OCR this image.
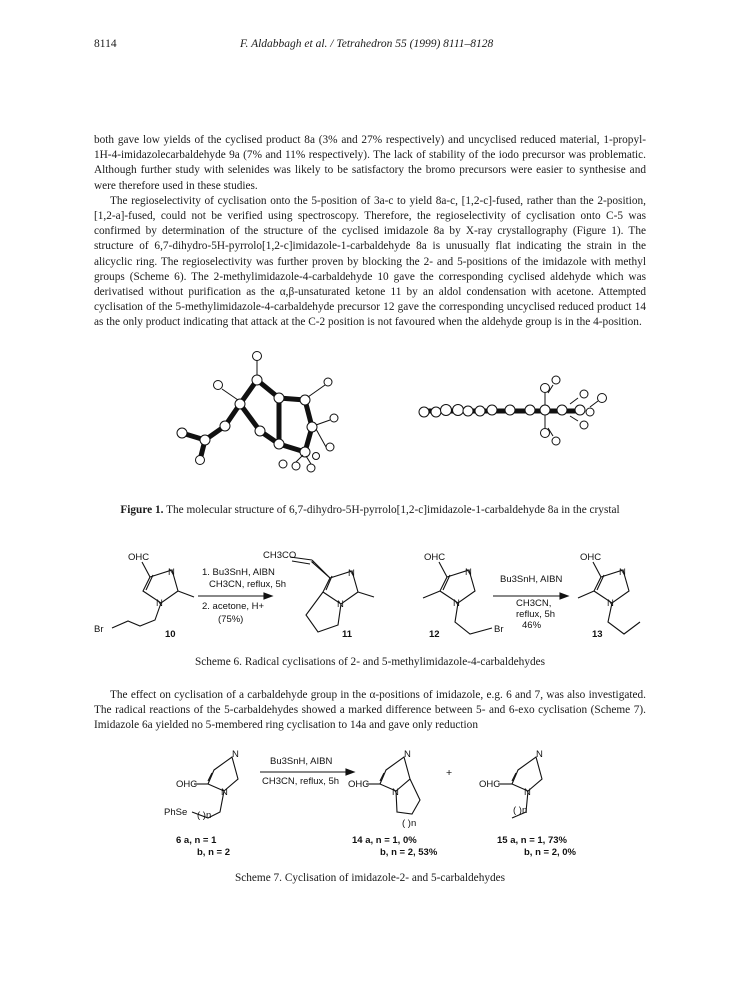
8114	F. Aldabbagh et al. / Tetrahedron 55 (1999) 8111–8128

both gave low yields of the cyclised product 8a (3% and 27% respectively) and uncyclised reduced material, 1-propyl-1H-4-imidazolecarbaldehyde 9a (7% and 11% respectively). The lack of stability of the iodo precursor was problematic. Although further study with selenides was likely to be satisfactory the bromo precursors were easier to synthesise and were therefore used in these studies.

The regioselectivity of cyclisation onto the 5-position of 3a-c to yield 8a-c, [1,2-c]-fused, rather than the 2-position, [1,2-a]-fused, could not be verified using spectroscopy. Therefore, the regioselectivity of cyclisation onto C-5 was confirmed by determination of the structure of the cyclised imidazole 8a by X-ray crystallography (Figure 1). The structure of 6,7-dihydro-5H-pyrrolo[1,2-c]imidazole-1-carbaldehyde 8a is unusually flat indicating the strain in the alicyclic ring. The regioselectivity was further proven by blocking the 2- and 5-positions of the imidazole with methyl groups (Scheme 6). The 2-methylimidazole-4-carbaldehyde 10 gave the corresponding cyclised aldehyde which was derivatised without purification as the α,β-unsaturated ketone 11 by an aldol condensation with acetone. Attempted cyclisation of the 5-methylimidazole-4-carbaldehyde precursor 12 gave the corresponding uncyclised reduced product 14 as the only product indicating that attack at the C-2 position is not favoured when the aldehyde group is in the 4-position.

Figure 1. The molecular structure of 6,7-dihydro-5H-pyrrolo[1,2-c]imidazole-1-carbaldehyde 8a in the crystal
OHC
N
N
Br	10
1. Bu3SnH, AIBN
CH3CN, reflux, 5h
2. acetone, H+
(75%)
CH3CO
N
N
11
OHC
N
N
Br
12
Bu3SnH, AIBN
CH3CN,
reflux, 5h
46%
OHC
N
N
13
Scheme 6. Radical cyclisations of 2- and 5-methylimidazole-4-carbaldehydes

The effect on cyclisation of a carbaldehyde group in the α-positions of imidazole, e.g. 6 and 7, was also investigated. The radical reactions of the 5-carbaldehydes showed a marked difference between 5- and 6-exo cyclisation (Scheme 7). Imidazole 6a yielded no 5-membered ring cyclisation to 14a and gave only reduction

N
N
OHC
PhSe ( )n
Bu3SnH, AIBN
CH3CN, reflux, 5h
N
N
OHC
( )n
+
N
N
OHC
( )n
6 a, n = 1
b, n = 2
14 a, n = 1, 0%
b, n = 2, 53%
15 a, n = 1, 73%
b, n = 2, 0%
Scheme 7. Cyclisation of imidazole-2- and 5-carbaldehydes
